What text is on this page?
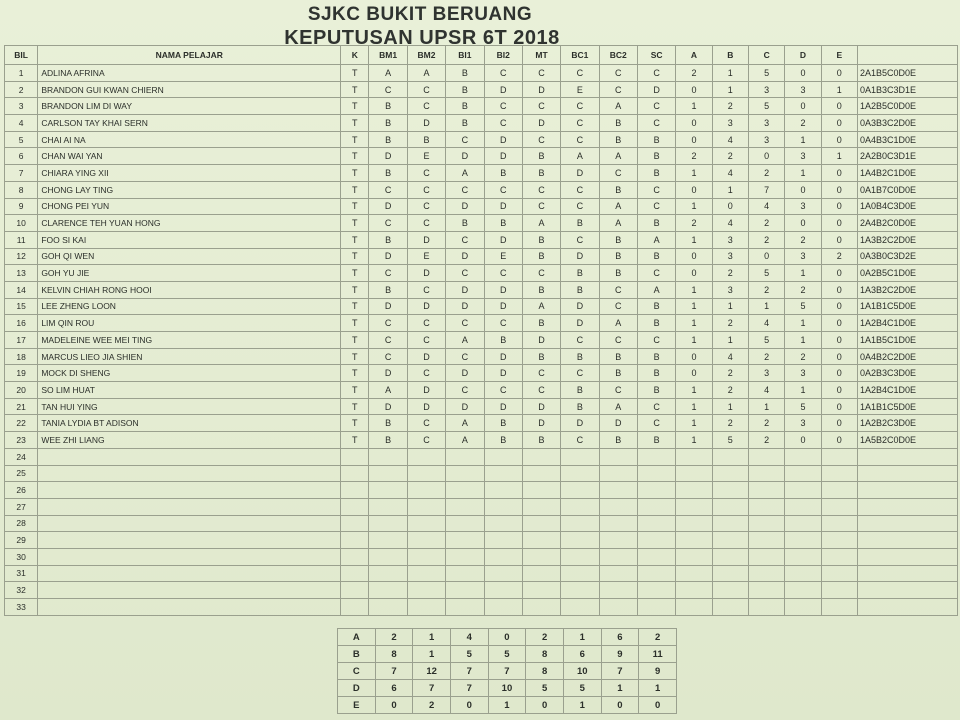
SJKC BUKIT BERUANG
KEPUTUSAN UPSR 6T 2018
BIL	NAMA PELAJAR	K	BM1	BM2	BI1	BI2	MT	BC1	BC2	SC	A	B	C	D	E	
1	ADLINA AFRINA	T	A	A	B	C	C	C	C	C	2	1	5	0	0	2A1B5C0D0E
2	BRANDON GUI KWAN CHIERN	T	C	C	B	D	D	E	C	D	0	1	3	3	1	0A1B3C3D1E
3	BRANDON LIM DI WAY	T	B	C	B	C	C	C	A	C	1	2	5	0	0	1A2B5C0D0E
4	CARLSON TAY KHAI SERN	T	B	D	B	C	D	C	B	C	0	3	3	2	0	0A3B3C2D0E
5	CHAI AI NA	T	B	B	C	D	C	C	B	B	0	4	3	1	0	0A4B3C1D0E
6	CHAN WAI YAN	T	D	E	D	D	B	A	A	B	2	2	0	3	1	2A2B0C3D1E
7	CHIARA YING XII	T	B	C	A	B	B	D	C	B	1	4	2	1	0	1A4B2C1D0E
8	CHONG LAY TING	T	C	C	C	C	C	C	B	C	0	1	7	0	0	0A1B7C0D0E
9	CHONG PEI YUN	T	D	C	D	D	C	C	A	C	1	0	4	3	0	1A0B4C3D0E
10	CLARENCE TEH YUAN HONG	T	C	C	B	B	A	B	A	B	2	4	2	0	0	2A4B2C0D0E
11	FOO SI KAI	T	B	D	C	D	B	C	B	A	1	3	2	2	0	1A3B2C2D0E
12	GOH QI WEN	T	D	E	D	E	B	D	B	B	0	3	0	3	2	0A3B0C3D2E
13	GOH YU JIE	T	C	D	C	C	C	B	B	C	0	2	5	1	0	0A2B5C1D0E
14	KELVIN CHIAH RONG HOOI	T	B	C	D	D	B	B	C	A	1	3	2	2	0	1A3B2C2D0E
15	LEE ZHENG LOON	T	D	D	D	D	A	D	C	B	1	1	1	5	0	1A1B1C5D0E
16	LIM QIN ROU	T	C	C	C	C	B	D	A	B	1	2	4	1	0	1A2B4C1D0E
17	MADELEINE WEE MEI TING	T	C	C	A	B	D	C	C	C	1	1	5	1	0	1A1B5C1D0E
18	MARCUS LIEO JIA SHIEN	T	C	D	C	D	B	B	B	B	0	4	2	2	0	0A4B2C2D0E
19	MOCK DI SHENG	T	D	C	D	D	C	C	B	B	0	2	3	3	0	0A2B3C3D0E
20	SO LIM HUAT	T	A	D	C	C	C	B	C	B	1	2	4	1	0	1A2B4C1D0E
21	TAN HUI YING	T	D	D	D	D	D	B	A	C	1	1	1	5	0	1A1B1C5D0E
22	TANIA LYDIA BT ADISON	T	B	C	A	B	D	D	D	C	1	2	2	3	0	1A2B2C3D0E
23	WEE ZHI LIANG	T	B	C	A	B	B	C	B	B	1	5	2	0	0	1A5B2C0D0E
24																
25																
26																
27																
28																
29																
30																
31																
32																
33																
A	2	1	4	0	2	1	6	2
B	8	1	5	5	8	6	9	11
C	7	12	7	7	8	10	7	9
D	6	7	7	10	5	5	1	1
E	0	2	0	1	0	1	0	0
